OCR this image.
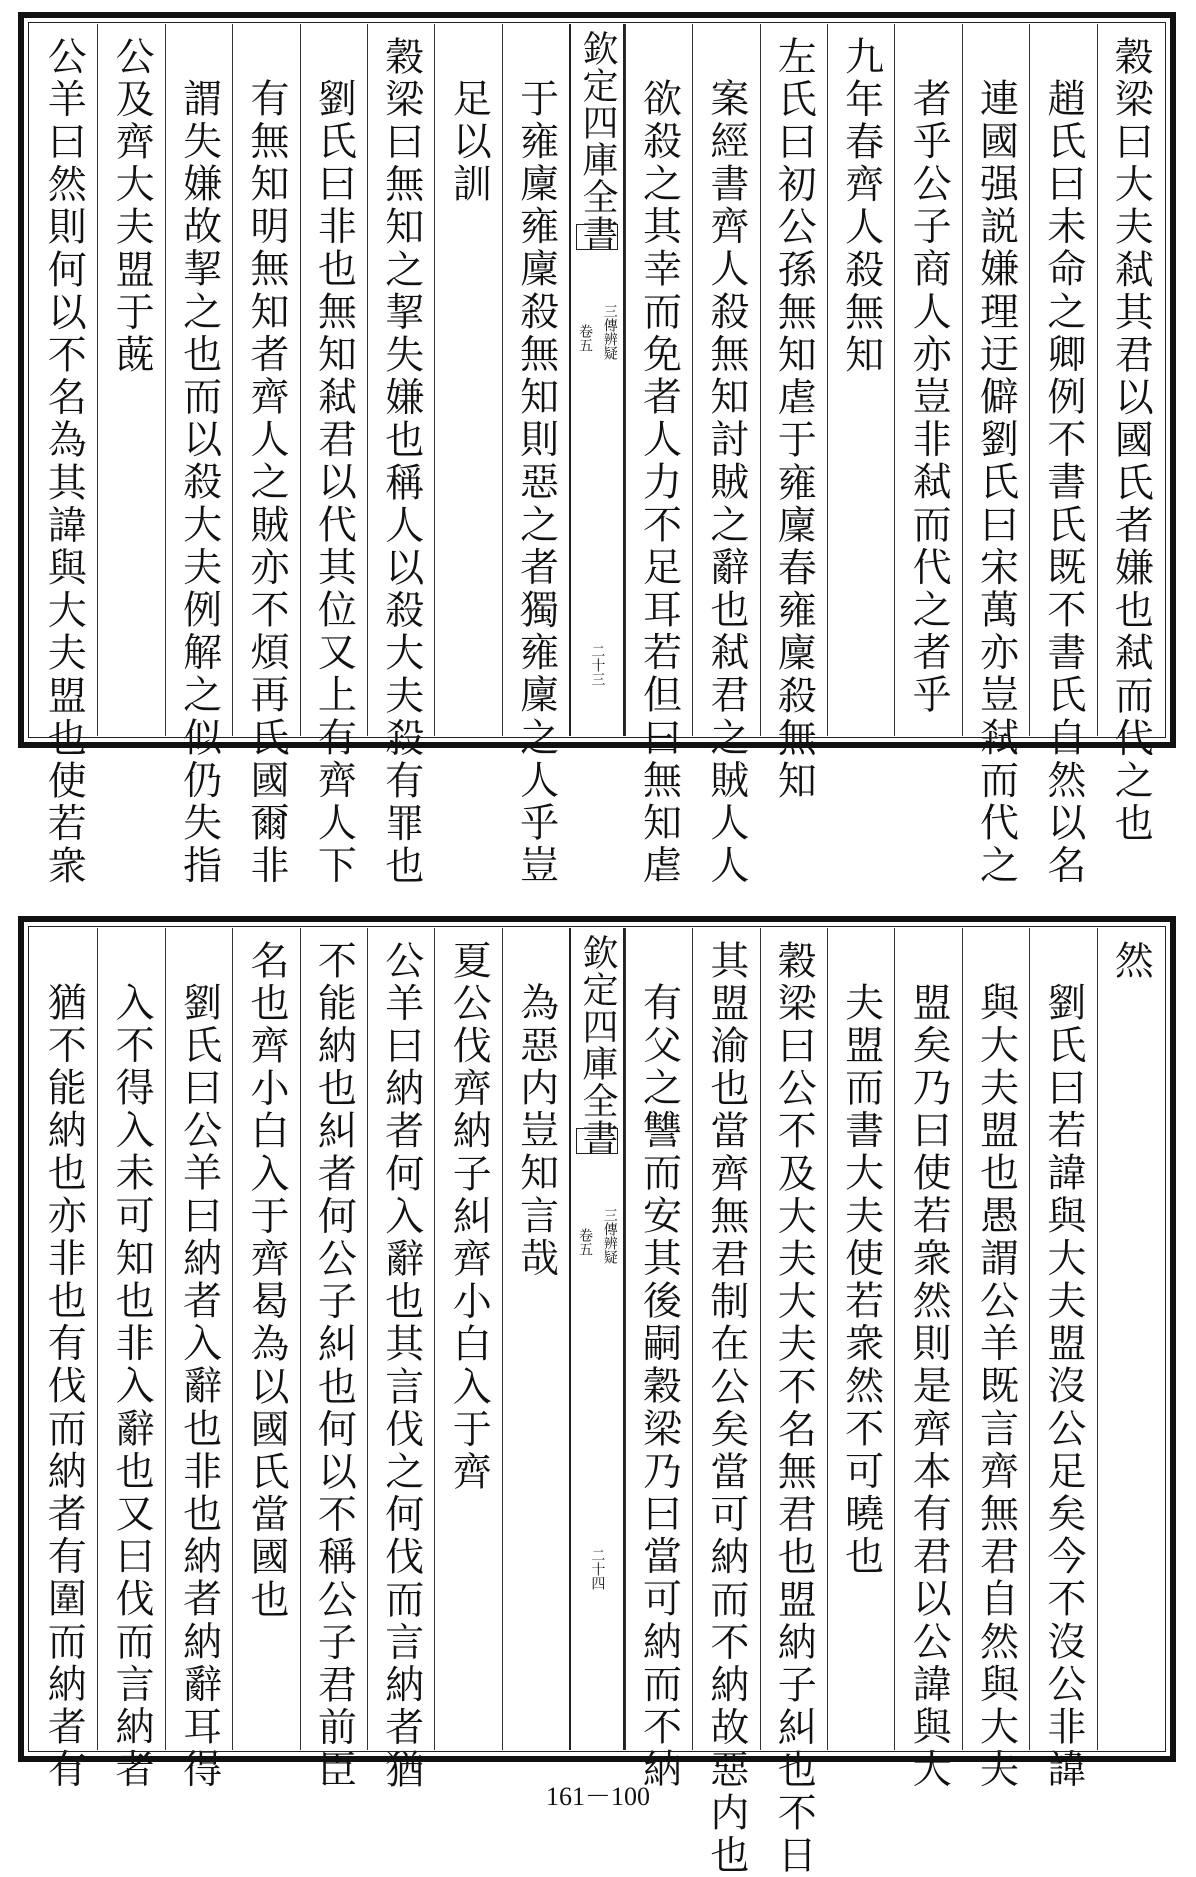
穀梁曰大夫弒其君以國氏者嫌也弒而代之也
趙氏曰未命之卿例不書氏既不書氏自然以名
連國强説嫌理迂僻劉氏曰宋萬亦豈弒而代之
者乎公子商人亦豈非弒而代之者乎
九年春齊人殺無知
左氏曰初公孫無知虐于雍廩春雍廩殺無知
案經書齊人殺無知討賊之辭也弒君之賊人人
欲殺之其幸而免者人力不足耳若但曰無知虐
欽定四庫全書
三傳辨疑
卷五
二十三
于雍廩雍廩殺無知則惡之者獨雍廩之人乎豈
足以訓
穀梁曰無知之挈失嫌也稱人以殺大夫殺有罪也
劉氏曰非也無知弒君以代其位又上有齊人下
有無知明無知者齊人之賊亦不煩再氏國爾非
謂失嫌故挈之也而以殺大夫例解之似仍失指
公及齊大夫盟于蔇
公羊曰然則何以不名為其諱與大夫盟也使若衆
然
劉氏曰若諱與大夫盟沒公足矣今不沒公非諱
與大夫盟也愚謂公羊既言齊無君自然與大夫
盟矣乃曰使若衆然則是齊本有君以公諱與大
夫盟而書大夫使若衆然不可曉也
穀梁曰公不及大夫大夫不名無君也盟納子糾也不日
其盟渝也當齊無君制在公矣當可納而不納故惡内也
有父之讐而安其後嗣穀梁乃曰當可納而不納
欽定四庫全書
三傳辨疑
卷五
二十四
為惡内豈知言哉
夏公伐齊納子糾齊小白入于齊
公羊曰納者何入辭也其言伐之何伐而言納者猶
不能納也糾者何公子糾也何以不稱公子君前臣
名也齊小白入于齊曷為以國氏當國也
劉氏曰公羊曰納者入辭也非也納者納辭耳得
入不得入未可知也非入辭也又曰伐而言納者
猶不能納也亦非也有伐而納者有圍而納者有
161－100
